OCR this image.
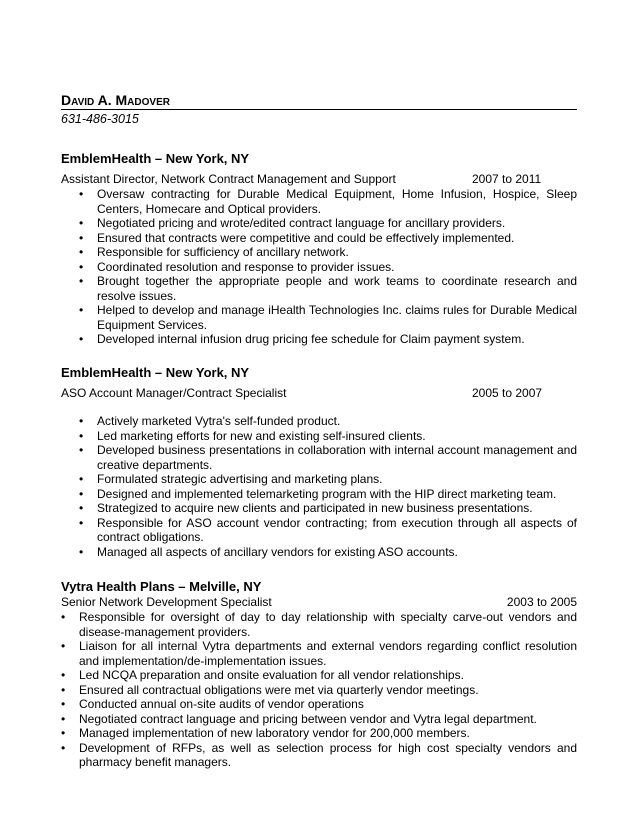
David A. Madover
631-486-3015
EmblemHealth – New York, NY
Assistant Director, Network Contract Management and Support	2007 to 2011
• Oversaw contracting for Durable Medical Equipment, Home Infusion, Hospice, Sleep Centers, Homecare and Optical providers.
• Negotiated pricing and wrote/edited contract language for ancillary providers.
• Ensured that contracts were competitive and could be effectively implemented.
• Responsible for sufficiency of ancillary network.
• Coordinated resolution and response to provider issues.
• Brought together the appropriate people and work teams to coordinate research and resolve issues.
• Helped to develop and manage iHealth Technologies Inc. claims rules for Durable Medical Equipment Services.
• Developed internal infusion drug pricing fee schedule for Claim payment system.
EmblemHealth – New York, NY
ASO Account Manager/Contract Specialist	2005 to 2007
• Actively marketed Vytra's self-funded product.
• Led marketing efforts for new and existing self-insured clients.
• Developed business presentations in collaboration with internal account management and creative departments.
• Formulated strategic advertising and marketing plans.
• Designed and implemented telemarketing program with the HIP direct marketing team.
• Strategized to acquire new clients and participated in new business presentations.
• Responsible for ASO account vendor contracting; from execution through all aspects of contract obligations.
• Managed all aspects of ancillary vendors for existing ASO accounts.
Vytra Health Plans – Melville, NY
Senior Network Development Specialist	2003 to 2005
• Responsible for oversight of day to day relationship with specialty carve-out vendors and disease-management providers.
• Liaison for all internal Vytra departments and external vendors regarding conflict resolution and implementation/de-implementation issues.
• Led NCQA preparation and onsite evaluation for all vendor relationships.
• Ensured all contractual obligations were met via quarterly vendor meetings.
• Conducted annual on-site audits of vendor operations
• Negotiated contract language and pricing between vendor and Vytra legal department.
• Managed implementation of new laboratory vendor for 200,000 members.
• Development of RFPs, as well as selection process for high cost specialty vendors and pharmacy benefit managers.
